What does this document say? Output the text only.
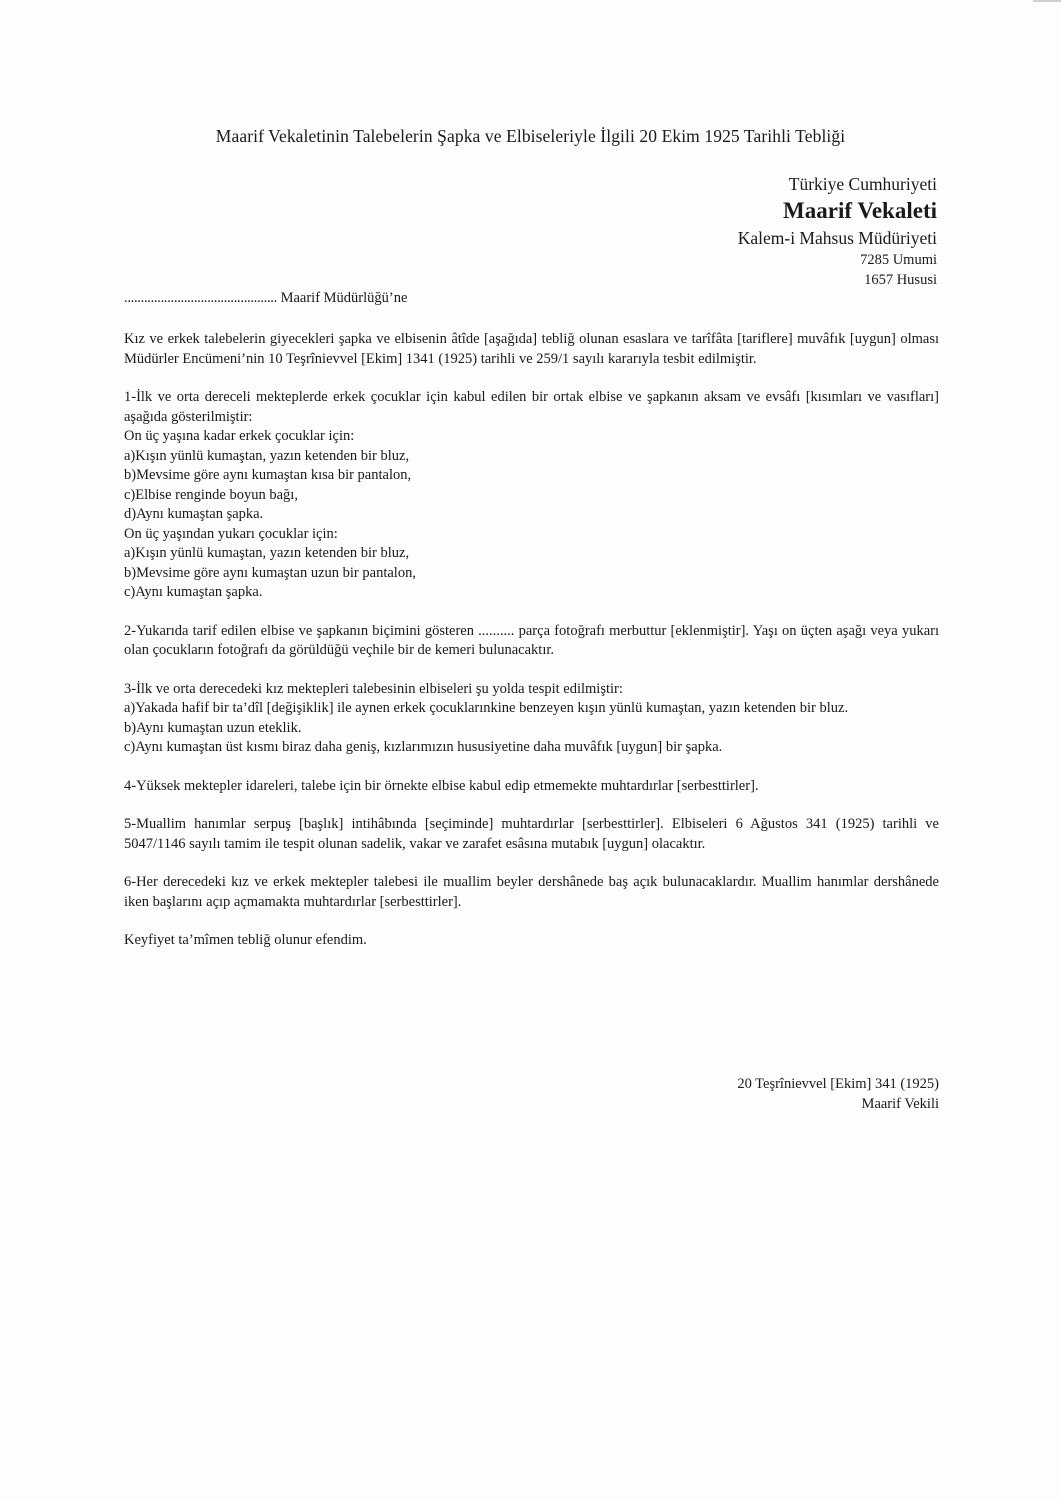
Maarif Vekaletinin Talebelerin Şapka ve Elbiseleriyle İlgili 20 Ekim 1925 Tarihli Tebliği
Türkiye Cumhuriyeti
Maarif Vekaleti
Kalem-i Mahsus Müdüriyeti
7285 Umumi
1657 Hususi
.............................................. Maarif Müdürlüğü’ne

Kız ve erkek talebelerin giyecekleri şapka ve elbisenin âtîde [aşağıda] tebliğ olunan esaslara ve tarîfâta [tariflere] muvâfık [uygun] olması Müdürler Encümeni’nin 10 Teşrînievvel [Ekim] 1341 (1925) tarihli ve 259/1 sayılı kararıyla tesbit edilmiştir.

1-İlk ve orta dereceli mekteplerde erkek çocuklar için kabul edilen bir ortak elbise ve şapkanın aksam ve evsâfı [kısımları ve vasıfları] aşağıda gösterilmiştir:
On üç yaşına kadar erkek çocuklar için:
a)Kışın yünlü kumaştan, yazın ketenden bir bluz,
b)Mevsime göre aynı kumaştan kısa bir pantalon,
c)Elbise renginde boyun bağı,
d)Aynı kumaştan şapka.
On üç yaşından yukarı çocuklar için:
a)Kışın yünlü kumaştan, yazın ketenden bir bluz,
b)Mevsime göre aynı kumaştan uzun bir pantalon,
c)Aynı kumaştan şapka.

2-Yukarıda tarif edilen elbise ve şapkanın biçimini gösteren .......... parça fotoğrafı merbuttur [eklenmiştir]. Yaşı on üçten aşağı veya yukarı olan çocukların fotoğrafı da görüldüğü veçhile bir de kemeri bulunacaktır.

3-İlk ve orta derecedeki kız mektepleri talebesinin elbiseleri şu yolda tespit edilmiştir:
a)Yakada hafif bir ta’dîl [değişiklik] ile aynen erkek çocuklarınkine benzeyen kışın yünlü kumaştan, yazın ketenden bir bluz.
b)Aynı kumaştan uzun eteklik.
c)Aynı kumaştan üst kısmı biraz daha geniş, kızlarımızın hususiyetine daha muvâfık [uygun] bir şapka.

4-Yüksek mektepler idareleri, talebe için bir örnekte elbise kabul edip etmemekte muhtardırlar [serbesttirler].

5-Muallim hanımlar serpuş [başlık] intihâbında [seçiminde] muhtardırlar [serbesttirler]. Elbiseleri 6 Ağustos 341 (1925) tarihli ve 5047/1146 sayılı tamim ile tespit olunan sadelik, vakar ve zarafet esâsına mutabık [uygun] olacaktır.

6-Her derecedeki kız ve erkek mektepler talebesi ile muallim beyler dershânede baş açık bulunacaklardır. Muallim hanımlar dershânede iken başlarını açıp açmamakta muhtardırlar [serbesttirler].

Keyfiyet ta’mîmen tebliğ olunur efendim.

20 Teşrînievvel [Ekim] 341 (1925)
Maarif Vekili
